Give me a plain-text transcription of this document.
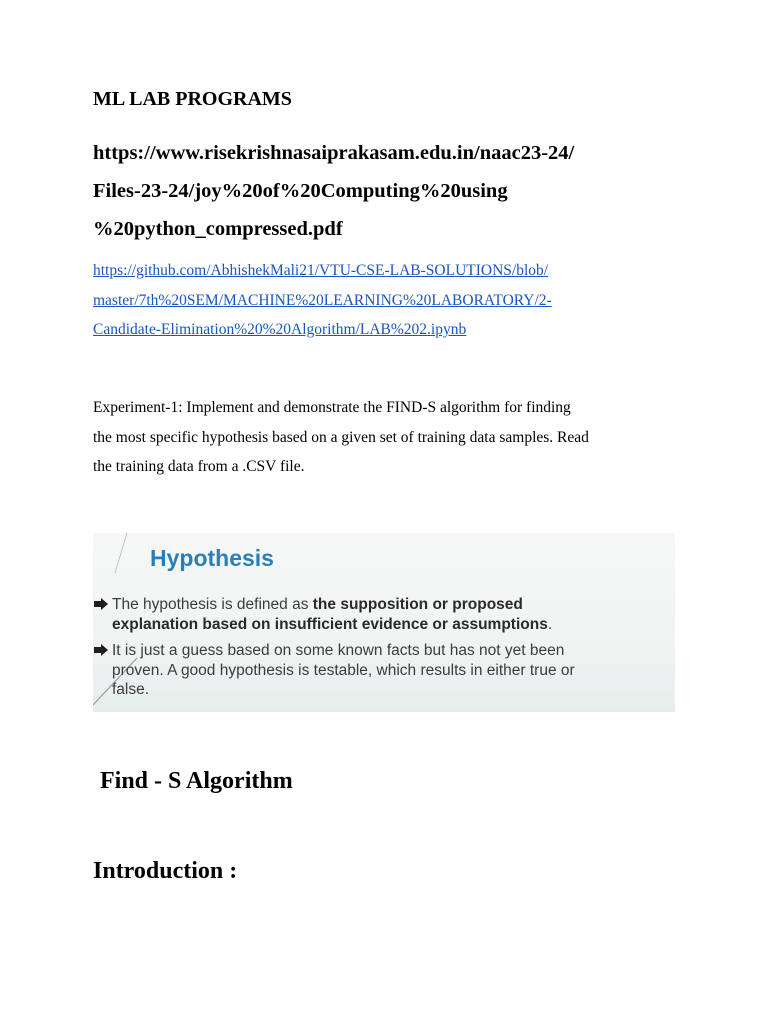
ML LAB PROGRAMS
https://www.risekrishnasaiprakasam.edu.in/naac23-24/
Files-23-24/joy%20of%20Computing%20using
%20python_compressed.pdf
https://github.com/AbhishekMali21/VTU-CSE-LAB-SOLUTIONS/blob/
master/7th%20SEM/MACHINE%20LEARNING%20LABORATORY/2-
Candidate-Elimination%20%20Algorithm/LAB%202.ipynb
Experiment-1: Implement and demonstrate the FIND-S algorithm for finding
the most specific hypothesis based on a given set of training data samples. Read
the training data from a .CSV file.
Hypothesis
The hypothesis is defined as the supposition or proposed
explanation based on insufficient evidence or assumptions.
It is just a guess based on some known facts but has not yet been
proven. A good hypothesis is testable, which results in either true or
false.
Find - S Algorithm
Introduction :
